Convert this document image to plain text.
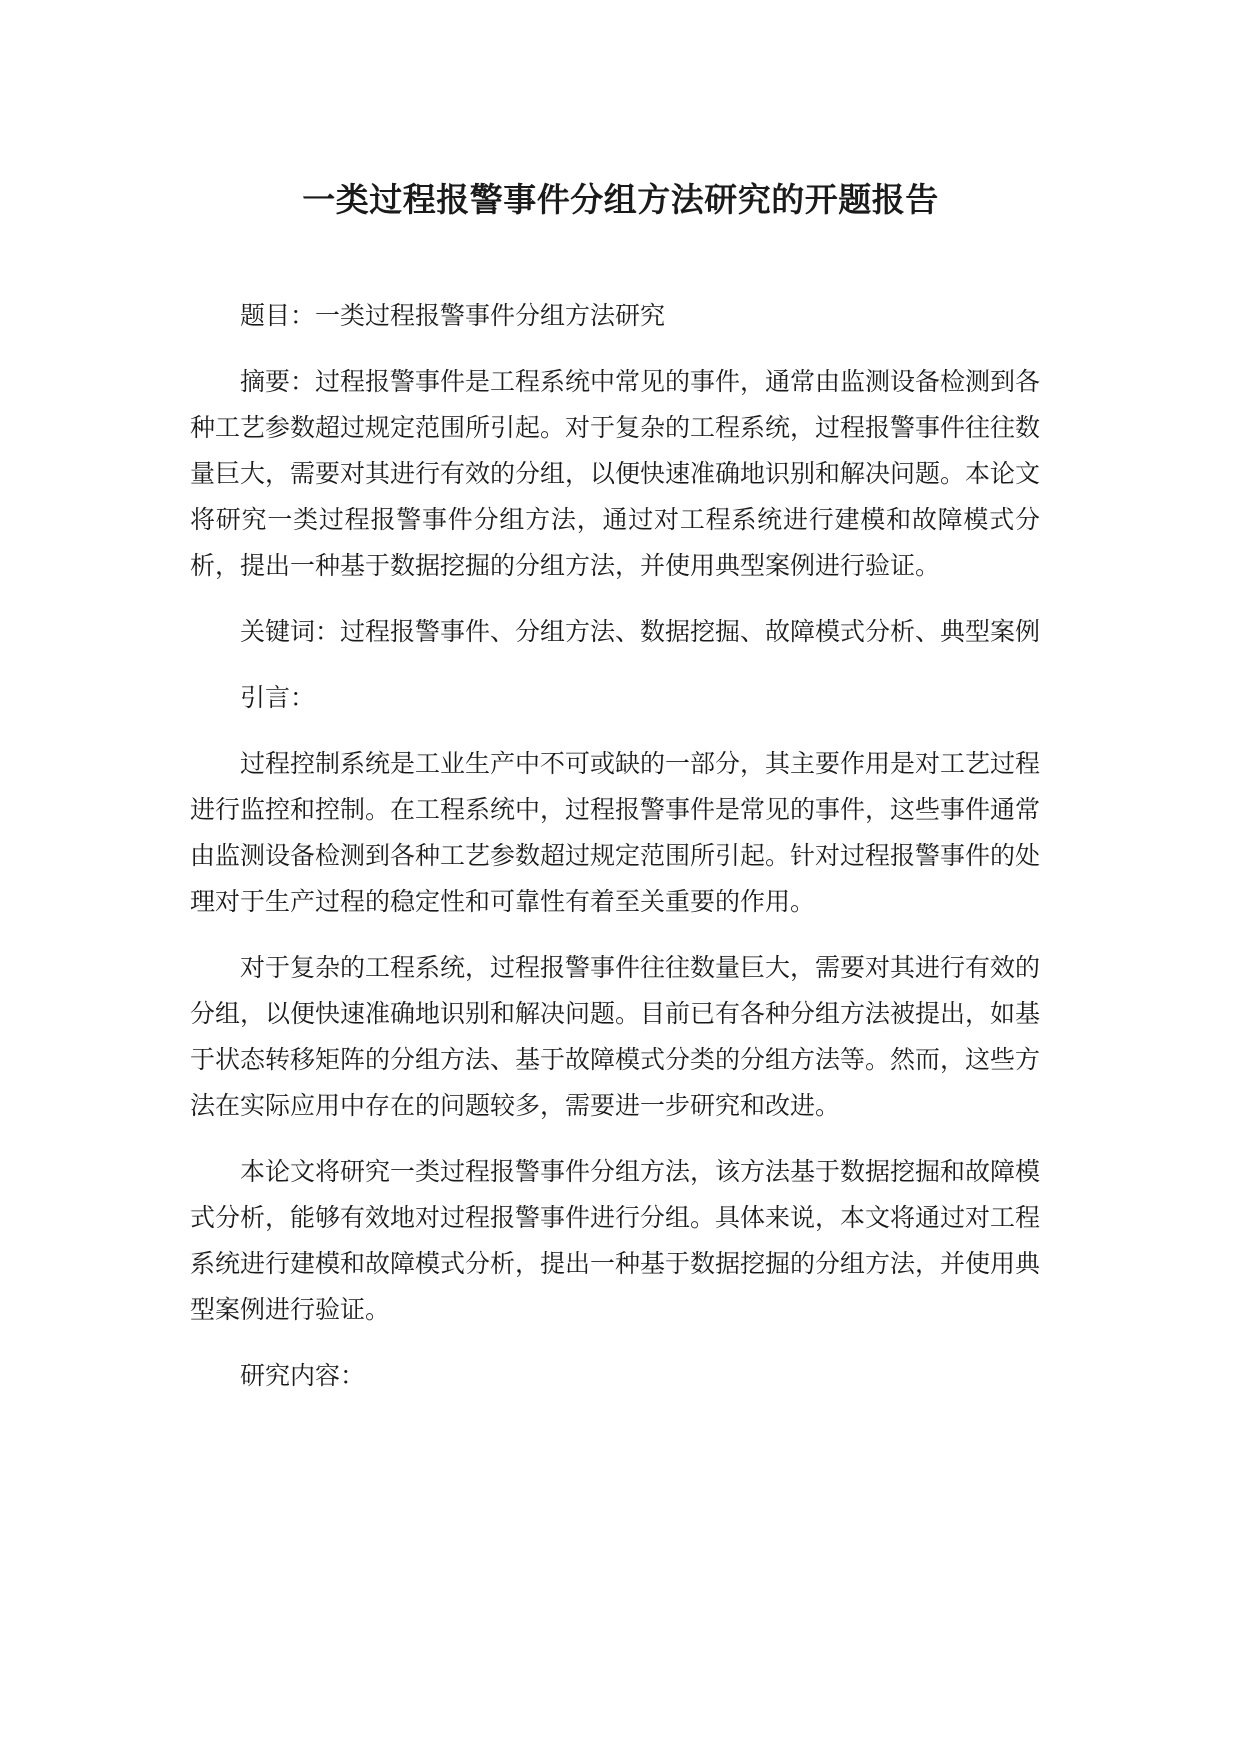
一类过程报警事件分组方法研究的开题报告

题目：一类过程报警事件分组方法研究

摘要：过程报警事件是工程系统中常见的事件，通常由监测设备检测到各种工艺参数超过规定范围所引起。对于复杂的工程系统，过程报警事件往往数量巨大，需要对其进行有效的分组，以便快速准确地识别和解决问题。本论文将研究一类过程报警事件分组方法，通过对工程系统进行建模和故障模式分析，提出一种基于数据挖掘的分组方法，并使用典型案例进行验证。

关键词：过程报警事件、分组方法、数据挖掘、故障模式分析、典型案例

引言：

过程控制系统是工业生产中不可或缺的一部分，其主要作用是对工艺过程进行监控和控制。在工程系统中，过程报警事件是常见的事件，这些事件通常由监测设备检测到各种工艺参数超过规定范围所引起。针对过程报警事件的处理对于生产过程的稳定性和可靠性有着至关重要的作用。

对于复杂的工程系统，过程报警事件往往数量巨大，需要对其进行有效的分组，以便快速准确地识别和解决问题。目前已有各种分组方法被提出，如基于状态转移矩阵的分组方法、基于故障模式分类的分组方法等。然而，这些方法在实际应用中存在的问题较多，需要进一步研究和改进。

本论文将研究一类过程报警事件分组方法，该方法基于数据挖掘和故障模式分析，能够有效地对过程报警事件进行分组。具体来说，本文将通过对工程系统进行建模和故障模式分析，提出一种基于数据挖掘的分组方法，并使用典型案例进行验证。

研究内容：
